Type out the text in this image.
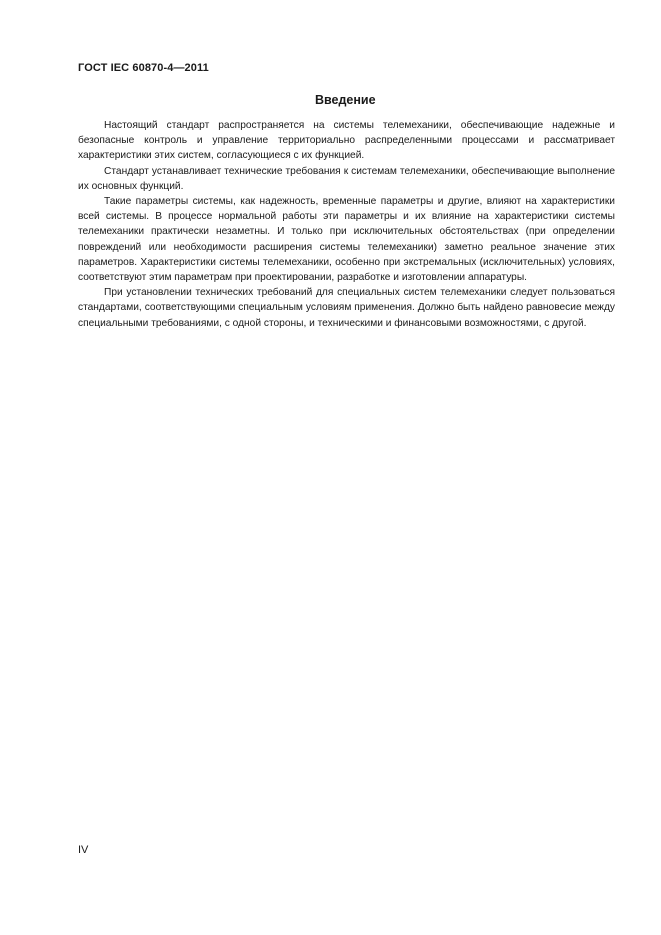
ГОСТ IEC 60870-4—2011
Введение

Настоящий стандарт распространяется на системы телемеханики, обеспечивающие надежные и безопасные контроль и управление территориально распределенными процессами и рассматривает характеристики этих систем, согласующиеся с их функцией.

Стандарт устанавливает технические требования к системам телемеханики, обеспечивающие выполнение их основных функций.

Такие параметры системы, как надежность, временные параметры и другие, влияют на характеристики всей системы. В процессе нормальной работы эти параметры и их влияние на характеристики системы телемеханики практически незаметны. И только при исключительных обстоятельствах (при определении повреждений или необходимости расширения системы телемеханики) заметно реальное значение этих параметров. Характеристики системы телемеханики, особенно при экстремальных (исключительных) условиях, соответствуют этим параметрам при проектировании, разработке и изготовлении аппаратуры.

При установлении технических требований для специальных систем телемеханики следует пользоваться стандартами, соответствующими специальным условиям применения. Должно быть найдено равновесие между специальными требованиями, с одной стороны, и техническими и финансовыми возможностями, с другой.

IV
